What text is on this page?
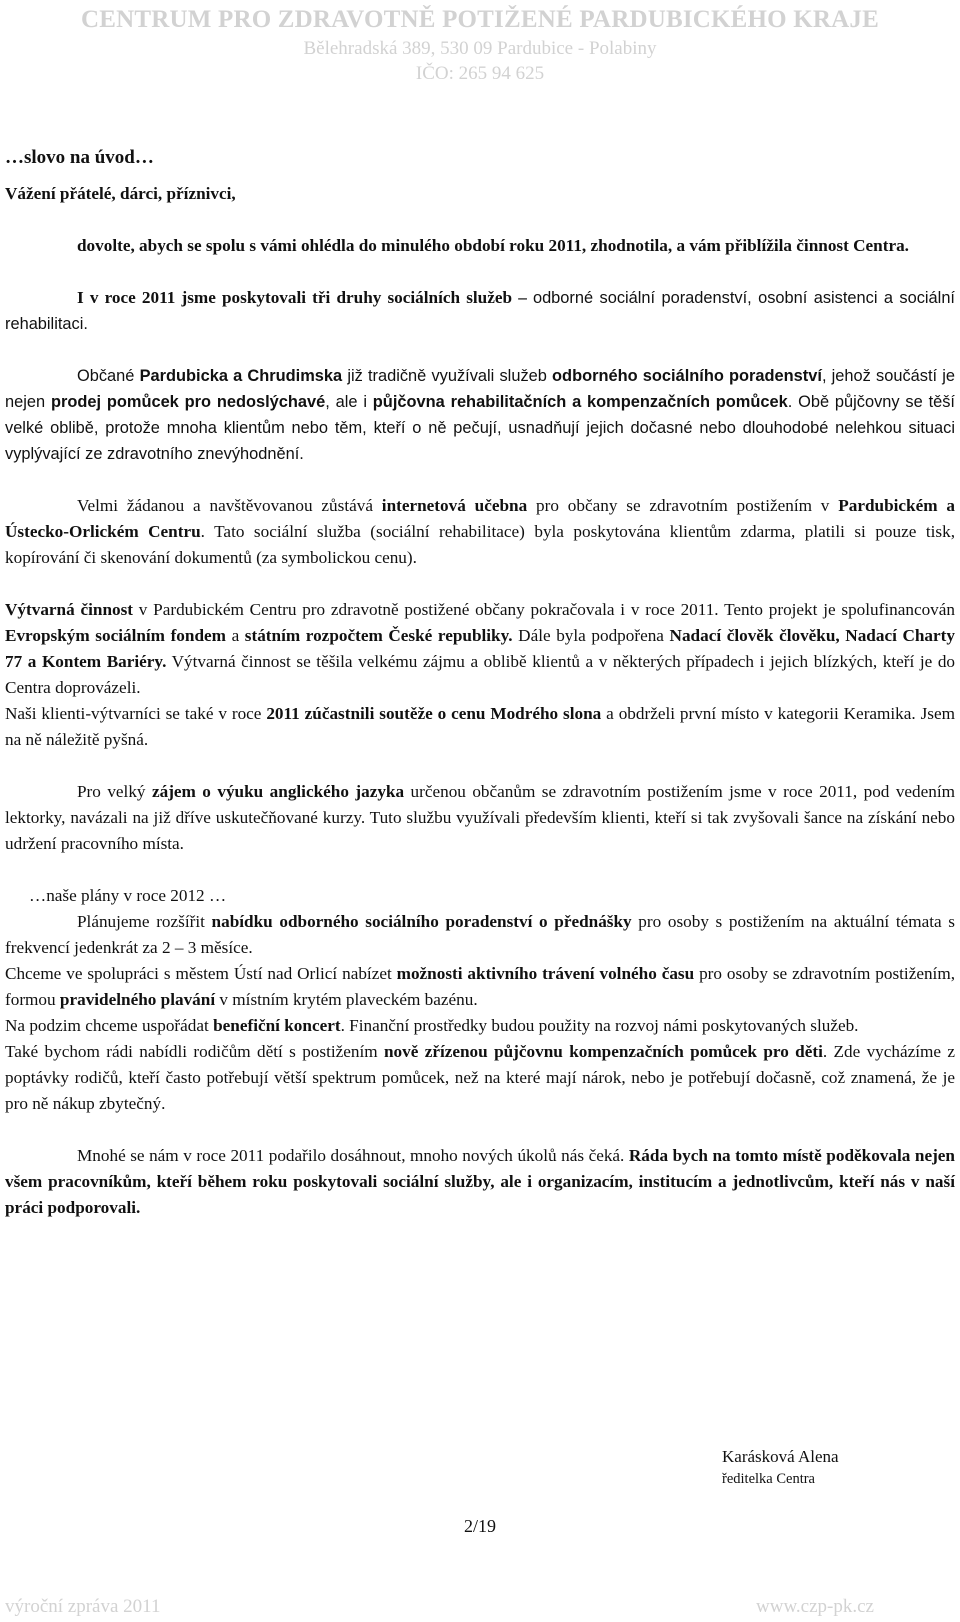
CENTRUM PRO ZDRAVOTNĚ POTIŽENÉ PARDUBICKÉHO KRAJE
Bělehradská 389, 530 09 Pardubice - Polabiny
IČO: 265 94 625

…slovo na úvod…

Vážení přátelé, dárci, příznivci,

dovolte, abych se spolu s vámi ohlédla do minulého období roku 2011, zhodnotila, a vám přiblížila činnost Centra.

I v roce 2011 jsme poskytovali tři druhy sociálních služeb – odborné sociální poradenství, osobní asistenci a sociální rehabilitaci.

Občané Pardubicka a Chrudimska již tradičně využívali služeb odborného sociálního poradenství, jehož součástí je nejen prodej pomůcek pro nedoslýchavé, ale i půjčovna rehabilitačních a kompenzačních pomůcek. Obě půjčovny se těší velké oblibě, protože mnoha klientům nebo těm, kteří o ně pečují, usnadňují jejich dočasné nebo dlouhodobé nelehkou situaci vyplývající ze zdravotního znevýhodnění.

Velmi žádanou a navštěvovanou zůstává internetová učebna pro občany se zdravotním postižením v Pardubickém a Ústecko-Orlickém Centru. Tato sociální služba (sociální rehabilitace) byla poskytována klientům zdarma, platili si pouze tisk, kopírování či skenování dokumentů (za symbolickou cenu).

Výtvarná činnost v Pardubickém Centru pro zdravotně postižené občany pokračovala i v roce 2011. Tento projekt je spolufinancován Evropským sociálním fondem a státním rozpočtem České republiky. Dále byla podpořena Nadací člověk člověku, Nadací Charty 77 a Kontem Bariéry. Výtvarná činnost se těšila velkému zájmu a oblibě klientů a v některých případech i jejich blízkých, kteří je do Centra doprovázeli.

Naši klienti-výtvarníci se také v roce 2011 zúčastnili soutěže o cenu Modrého slona a obdrželi první místo v kategorii Keramika. Jsem na ně náležitě pyšná.

Pro velký zájem o výuku anglického jazyka určenou občanům se zdravotním postižením jsme v roce 2011, pod vedením lektorky, navázali na již dříve uskutečňované kurzy. Tuto službu využívali především klienti, kteří si tak zvyšovali šance na získání nebo udržení pracovního místa.

…naše plány v roce 2012 …

Plánujeme rozšířit nabídku odborného sociálního poradenství o přednášky pro osoby s postižením na aktuální témata s frekvencí jedenkrát za 2 – 3 měsíce.

Chceme ve spolupráci s městem Ústí nad Orlicí nabízet možnosti aktivního trávení volného času pro osoby se zdravotním postižením, formou pravidelného plavání v místním krytém plaveckém bazénu.

Na podzim chceme uspořádat benefiční koncert. Finanční prostředky budou použity na rozvoj námi poskytovaných služeb.

Také bychom rádi nabídli rodičům dětí s postižením nově zřízenou půjčovnu kompenzačních pomůcek pro děti. Zde vycházíme z poptávky rodičů, kteří často potřebují větší spektrum pomůcek, než na které mají nárok, nebo je potřebují dočasně, což znamená, že je pro ně nákup zbytečný.

Mnohé se nám v roce 2011 podařilo dosáhnout, mnoho nových úkolů nás čeká. Ráda bych na tomto místě poděkovala nejen všem pracovníkům, kteří během roku poskytovali sociální služby, ale i organizacím, institucím a jednotlivcům, kteří nás v naší práci podporovali.

Karásková Alena
ředitelka Centra
2/19
výroční zpráva 2011	www.czp-pk.cz
